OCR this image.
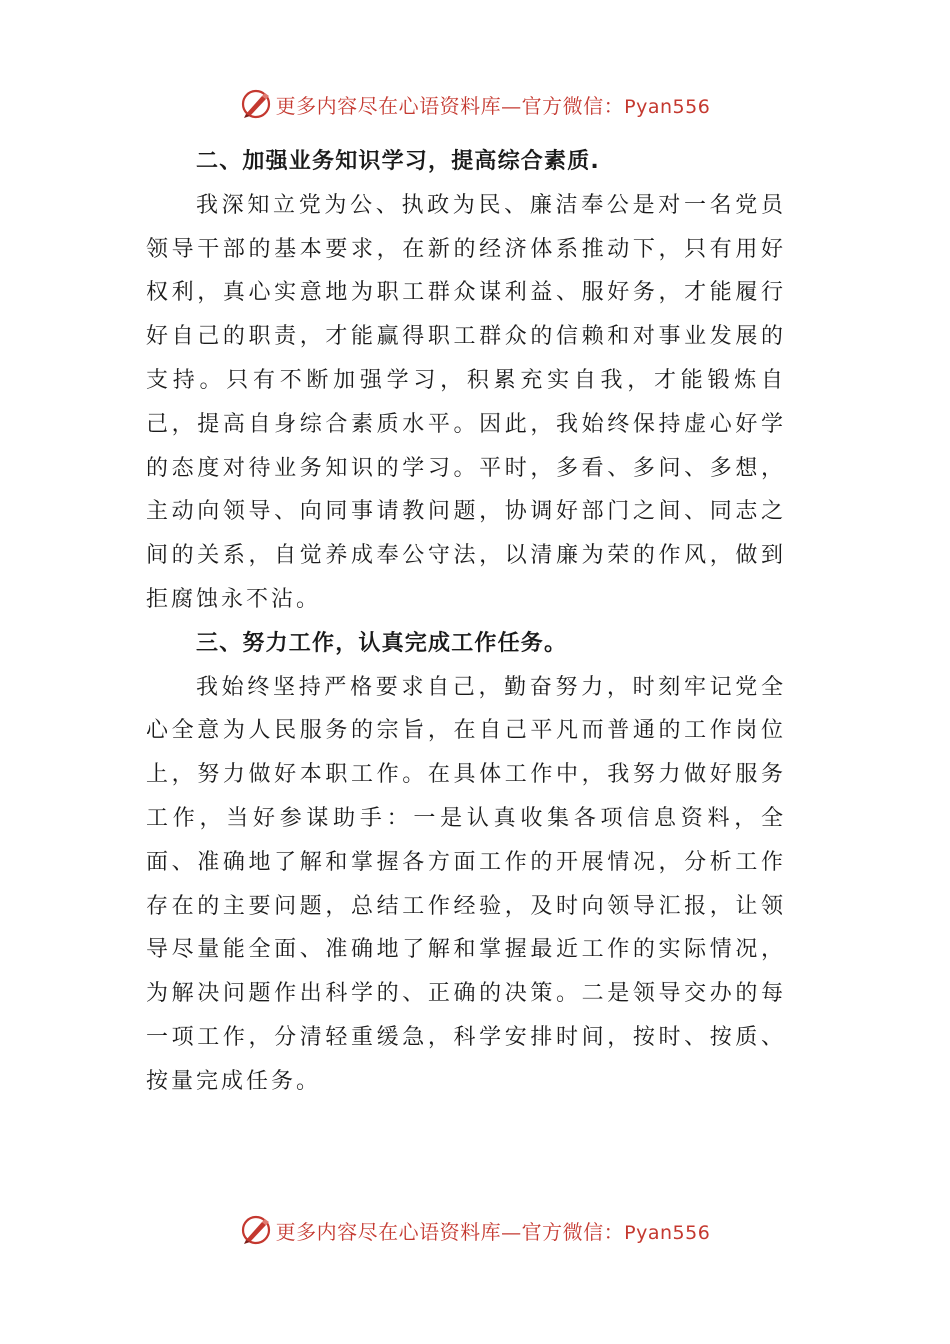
更多内容尽在心语资料库—官方微信：Pyan556
二、加强业务知识学习，提高综合素质.

我深知立党为公、执政为民、廉洁奉公是对一名党员领导干部的基本要求，在新的经济体系推动下，只有用好权利，真心实意地为职工群众谋利益、服好务，才能履行好自己的职责，才能赢得职工群众的信赖和对事业发展的支持。只有不断加强学习，积累充实自我，才能锻炼自己，提高自身综合素质水平。因此，我始终保持虚心好学的态度对待业务知识的学习。平时，多看、多问、多想，主动向领导、向同事请教问题，协调好部门之间、同志之间的关系，自觉养成奉公守法，以清廉为荣的作风，做到拒腐蚀永不沾。

三、努力工作，认真完成工作任务。

我始终坚持严格要求自己，勤奋努力，时刻牢记党全心全意为人民服务的宗旨，在自己平凡而普通的工作岗位上，努力做好本职工作。在具体工作中，我努力做好服务工作，当好参谋助手：一是认真收集各项信息资料，全面、准确地了解和掌握各方面工作的开展情况，分析工作存在的主要问题，总结工作经验，及时向领导汇报，让领导尽量能全面、准确地了解和掌握最近工作的实际情况，为解决问题作出科学的、正确的决策。二是领导交办的每一项工作，分清轻重缓急，科学安排时间，按时、按质、按量完成任务。

更多内容尽在心语资料库—官方微信：Pyan556
